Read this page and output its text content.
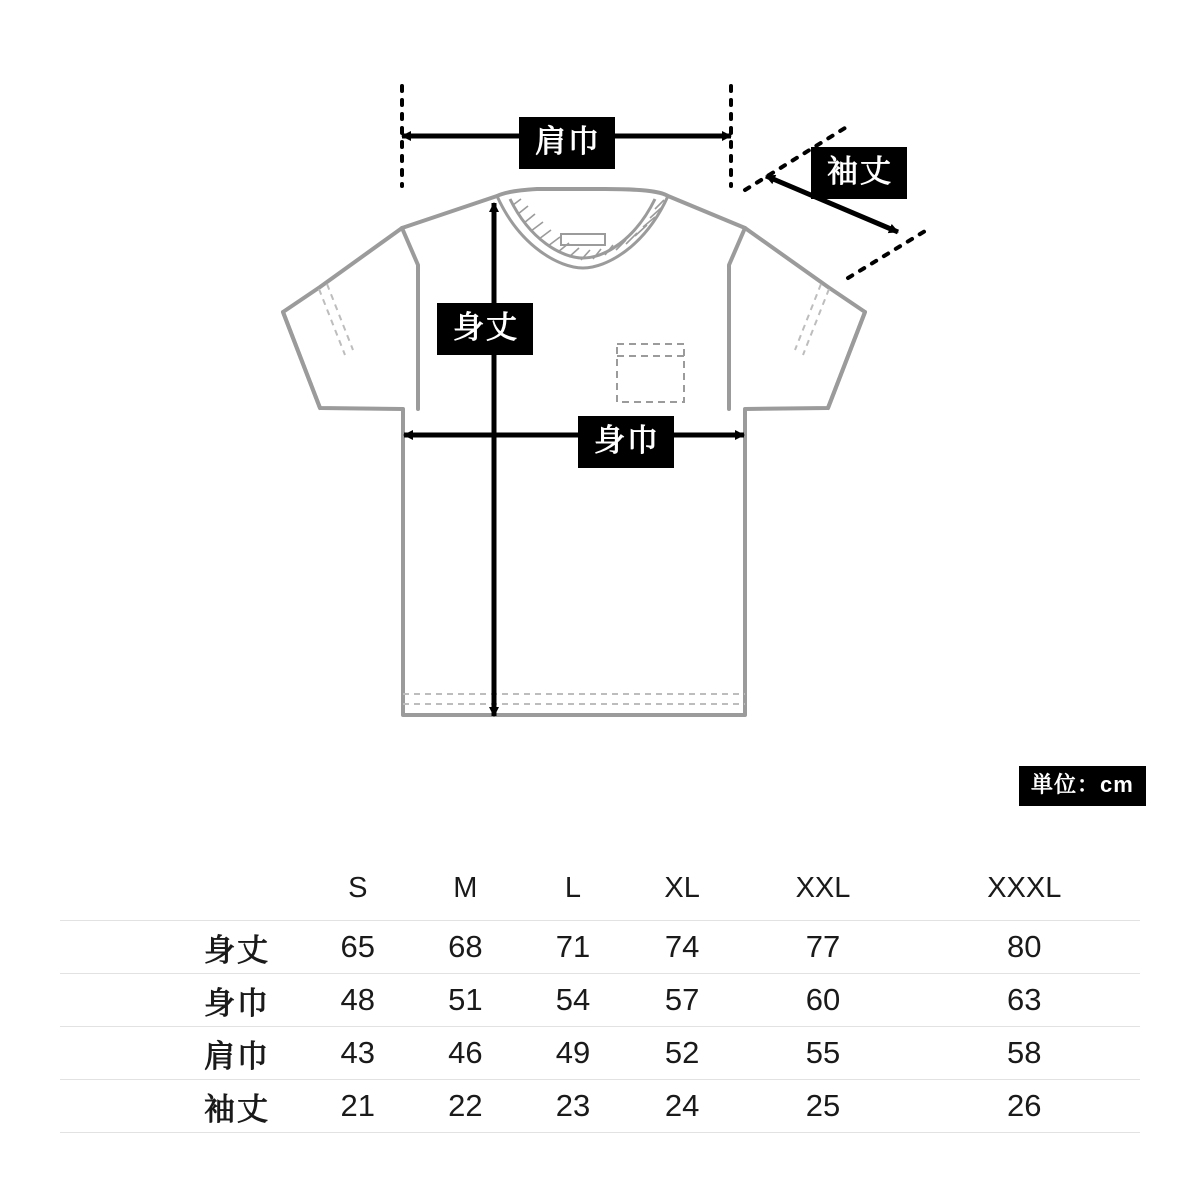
肩巾
袖丈
身丈
身巾
単位：cm
	S	M	L	XL	XXL	XXXL
身丈	65	68	71	74	77	80
身巾	48	51	54	57	60	63
肩巾	43	46	49	52	55	58
袖丈	21	22	23	24	25	26
